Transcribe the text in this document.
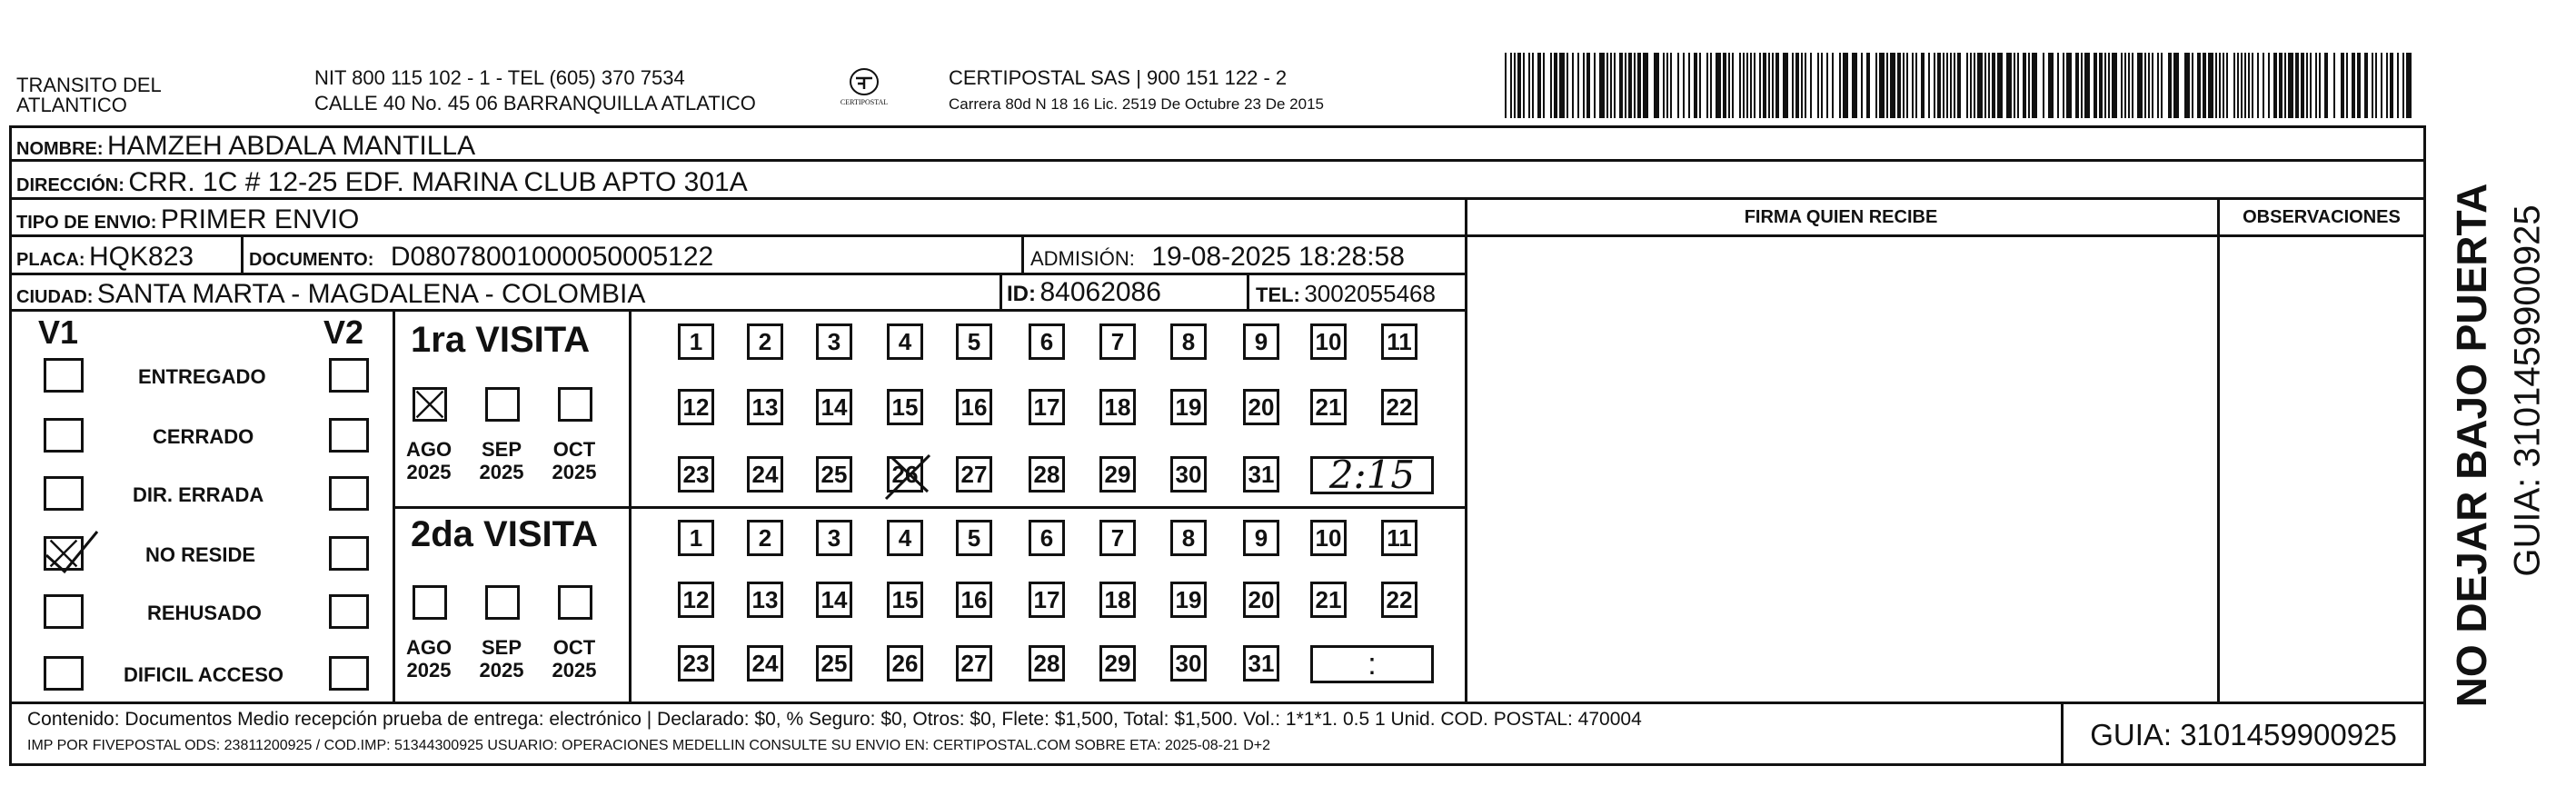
TRANSITO DEL
ATLANTICO
NIT 800 115 102 - 1 - TEL (605) 370 7534
CALLE 40 No. 45 06 BARRANQUILLA ATLATICO	CERTIPOSTAL
CERTIPOSTAL SAS | 900 151 122 - 2
Carrera 80d N 18 16 Lic. 2519 De Octubre 23 De 2015
NOMBRE: HAMZEH ABDALA MANTILLA
DIRECCIÓN: CRR. 1C # 12-25 EDF. MARINA CLUB APTO 301A
TIPO DE ENVIO: PRIMER ENVIO	FIRMA QUIEN RECIBE	OBSERVACIONES
PLACA: HQK823	DOCUMENTO: D08078001000050005122	ADMISIÓN: 19-08-2025 18:28:58
CIUDAD: SANTA MARTA - MAGDALENA - COLOMBIA	ID: 84062086	TEL: 3002055468
V1	V2 1ra VISITA
2da VISITA
Contenido: Documentos Medio recepción prueba de entrega: electrónico | Declarado: $0, % Seguro: $0, Otros: $0, Flete: $1,500, Total: $1,500. Vol.: 1*1*1. 0.5 1 Unid. COD. POSTAL: 470004
IMP POR FIVEPOSTAL ODS: 23811200925 / COD.IMP: 51344300925 USUARIO: OPERACIONES MEDELLIN CONSULTE SU ENVIO EN: CERTIPOSTAL.COM SOBRE ETA: 2025-08-21 D+2	GUIA: 3101459900925
NO DEJAR BAJO PUERTA GUIA: 3101459900925
ENTREGADO
CERRADO
DIR. ERRADA
NO RESIDE
REHUSADO
DIFICIL ACCESO
AGO
2025
SEP
2025
OCT
2025
AGO
2025
SEP
2025
OCT
2025
1	2	3	4	5	6	7	8	9	10 11
12 13 14 15 16 17 18 19 20 21 22
23 24 25 26 27 28 29 30 31	2:15
1	2	3	4	5	6	7	8	9	10 11
12 13 14 15 16 17 18 19 20 21 22
23 24 25 26 27 28 29 30 31	:
